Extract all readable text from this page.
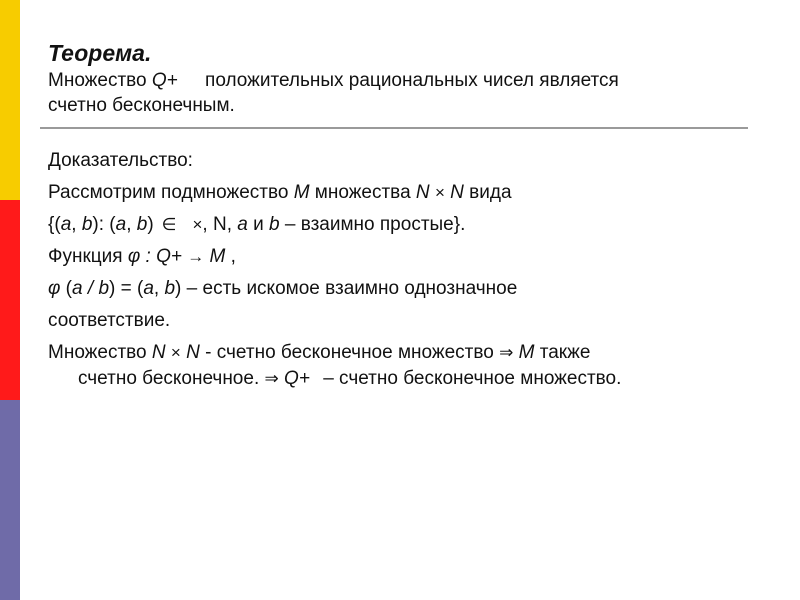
Теорема.
Множество Q+ положительных рациональных чисел является
счетно бесконечным.
Доказательство:
Рассмотрим подмножество M множества N × N вида
{(a, b): (a, b) ∈ ×, N, a и b – взаимно простые}.
Функция φ : Q+ → M ,
φ (a / b) = (a, b) – есть искомое взаимно однозначное
соответствие.
Множество N × N - счетно бесконечное множество ⇒ M также
счетно бесконечное. ⇒ Q+ – счетно бесконечное множество.
